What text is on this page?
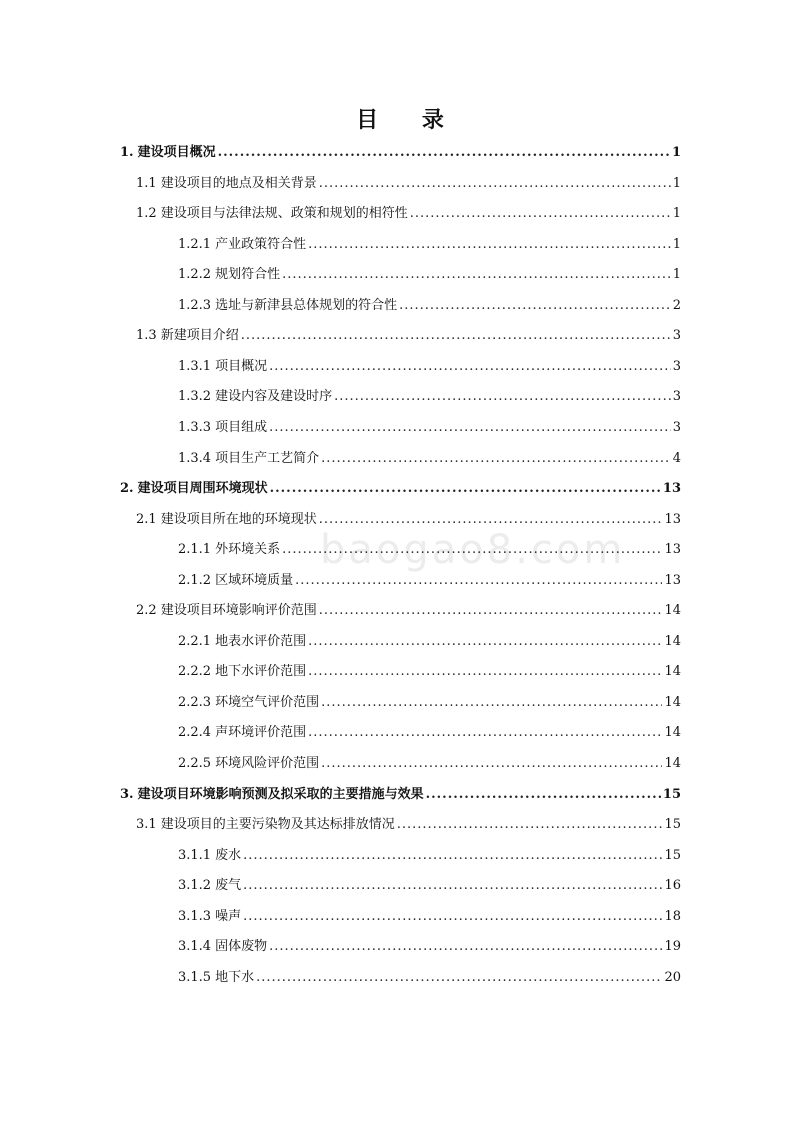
目 录
baogao8.com
1. 建设项目概况 .....	1
1.1 建设项目的地点及相关背景 .....	1
1.2 建设项目与法律法规、政策和规划的相符性 .....	1
1.2.1 产业政策符合性 .....	1
1.2.2 规划符合性 .....	1
1.2.3 选址与新津县总体规划的符合性 .....	2
1.3 新建项目介绍 .....	3
1.3.1 项目概况 .....	3
1.3.2 建设内容及建设时序 .....	3
1.3.3 项目组成 .....	3
1.3.4 项目生产工艺简介 .....	4
2. 建设项目周围环境现状 .....	13
2.1 建设项目所在地的环境现状 .....	13
2.1.1 外环境关系 .....	13
2.1.2 区域环境质量 .....	13
2.2 建设项目环境影响评价范围 .....	14
2.2.1 地表水评价范围 .....	14
2.2.2 地下水评价范围 .....	14
2.2.3 环境空气评价范围 .....	14
2.2.4 声环境评价范围 .....	14
2.2.5 环境风险评价范围 .....	14
3. 建设项目环境影响预测及拟采取的主要措施与效果 .....	15
3.1 建设项目的主要污染物及其达标排放情况 .....	15
3.1.1 废水 .....	15
3.1.2 废气 .....	16
3.1.3 噪声 .....	18
3.1.4 固体废物 .....	19
3.1.5 地下水 .....	20
